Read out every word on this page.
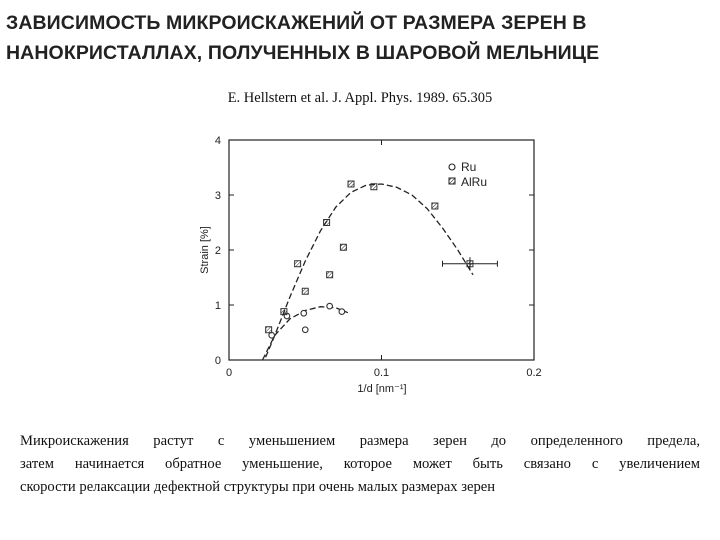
ЗАВИСИМОСТЬ МИКРОИСКАЖЕНИЙ ОТ РАЗМЕРА ЗЕРЕН В
НАНОКРИСТАЛЛАХ, ПОЛУЧЕННЫХ В ШАРОВОЙ МЕЛЬНИЦЕ
E. Hellstern et al. J. Appl. Phys. 1989. 65.305
0
1
2
3
4
0	0.1	0.2
Ru
AlRu
Strain [%]
1/d [nm⁻¹]
Микроискажения растут с уменьшением размера зерен до определенного предела,
затем начинается обратное уменьшение, которое может быть связано с увеличением
скорости релаксации дефектной структуры при очень малых размерах зерен
